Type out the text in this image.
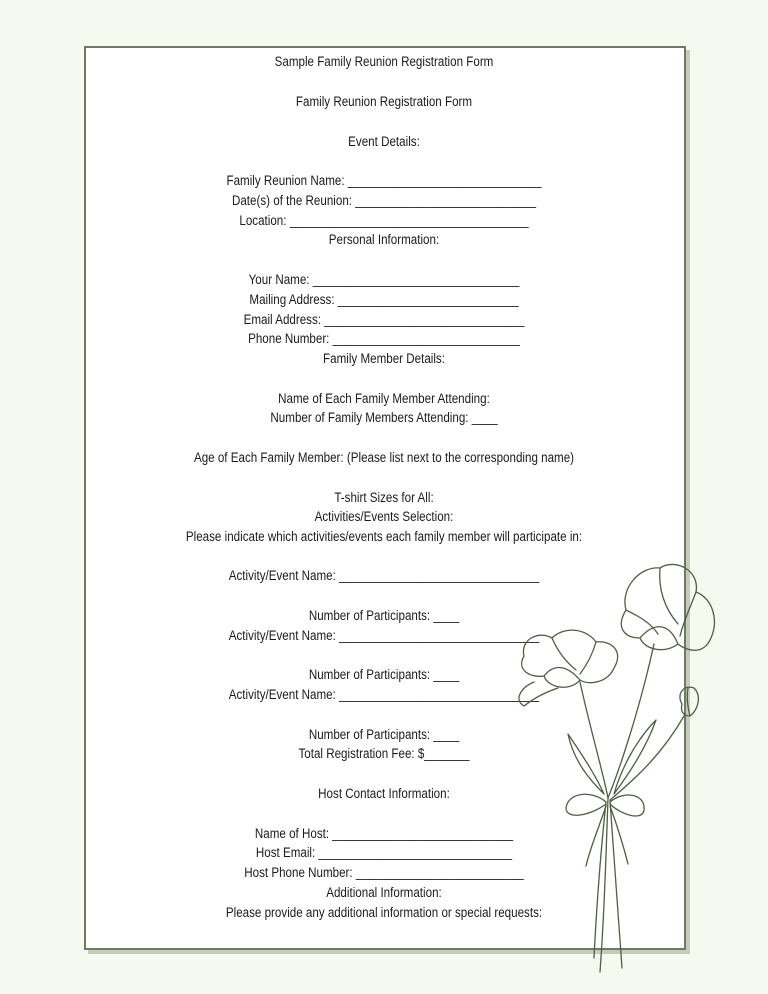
Sample Family Reunion Registration Form
Family Reunion Registration Form
Event Details:
Family Reunion Name: ______________________________
Date(s) of the Reunion: ____________________________
Location: _____________________________________
Personal Information:
Your Name: ________________________________
Mailing Address: ____________________________
Email Address: _______________________________
Phone Number: _____________________________
Family Member Details:
Name of Each Family Member Attending:
Number of Family Members Attending: ____
Age of Each Family Member: (Please list next to the corresponding name)
T-shirt Sizes for All:
Activities/Events Selection:
Please indicate which activities/events each family member will participate in:
Activity/Event Name: _______________________________
Number of Participants: ____
Activity/Event Name: _______________________________
Number of Participants: ____
Activity/Event Name: _______________________________
Number of Participants: ____
Total Registration Fee: $_______
Host Contact Information:
Name of Host: ____________________________
Host Email: ______________________________
Host Phone Number: __________________________
Additional Information:
Please provide any additional information or special requests:
